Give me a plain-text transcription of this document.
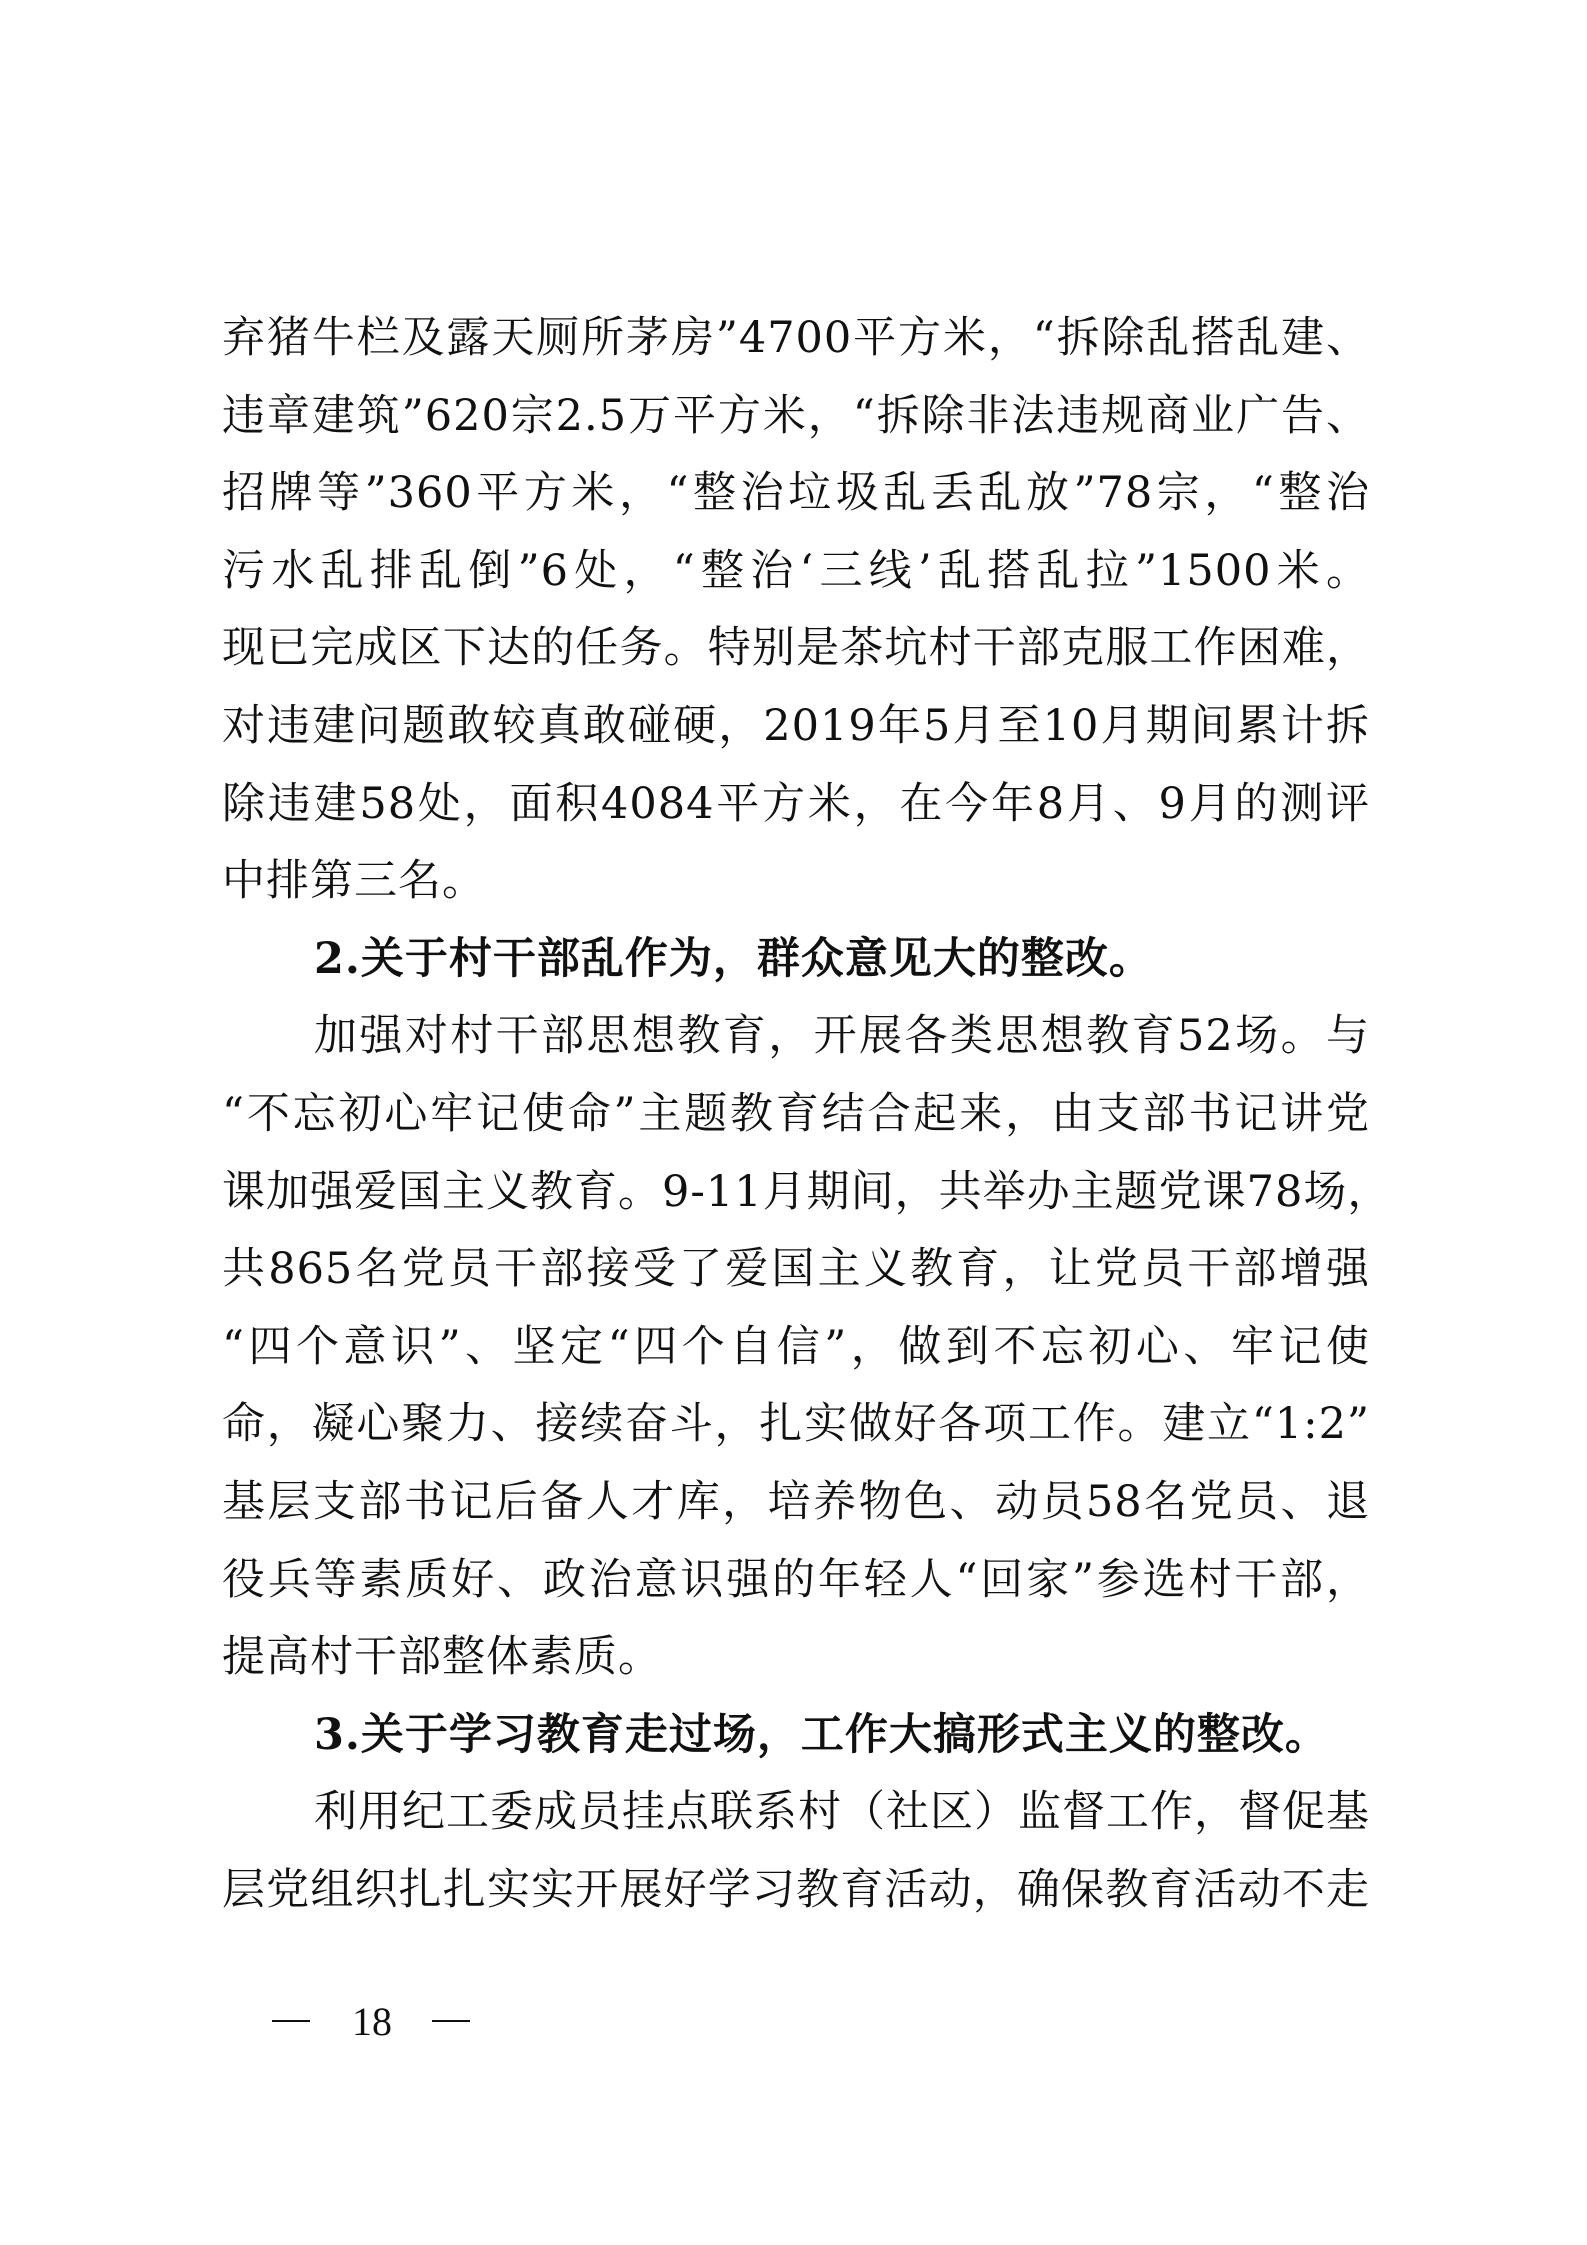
弃猪牛栏及露天厕所茅房”4700平方米，“拆除乱搭乱建、
违章建筑”620宗2.5万平方米，“拆除非法违规商业广告、
招牌等”360平方米，“整治垃圾乱丢乱放”78宗，“整治
污水乱排乱倒”6处，“整治‘三线’乱搭乱拉”1500米。
现已完成区下达的任务。特别是茶坑村干部克服工作困难，
对违建问题敢较真敢碰硬，2019年5月至10月期间累计拆
除违建58处，面积4084平方米，在今年8月、9月的测评
中排第三名。
2.关于村干部乱作为，群众意见大的整改。
加强对村干部思想教育，开展各类思想教育52场。与
“不忘初心牢记使命”主题教育结合起来，由支部书记讲党
课加强爱国主义教育。9-11月期间，共举办主题党课78场，
共865名党员干部接受了爱国主义教育，让党员干部增强
“四个意识”、坚定“四个自信”，做到不忘初心、牢记使
命，凝心聚力、接续奋斗，扎实做好各项工作。建立“1:2”
基层支部书记后备人才库，培养物色、动员58名党员、退
役兵等素质好、政治意识强的年轻人“回家”参选村干部，
提高村干部整体素质。
3.关于学习教育走过场，工作大搞形式主义的整改。
利用纪工委成员挂点联系村（社区）监督工作，督促基
层党组织扎扎实实开展好学习教育活动，确保教育活动不走
18
